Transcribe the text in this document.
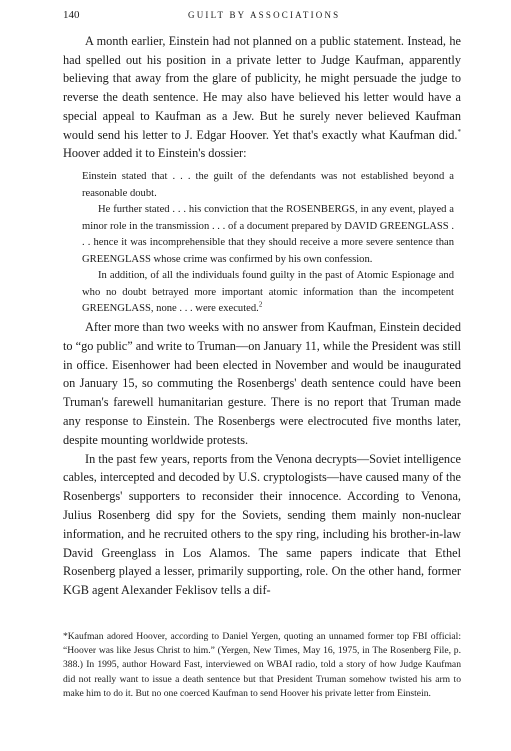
140	GUILT BY ASSOCIATIONS

A month earlier, Einstein had not planned on a public statement. Instead, he had spelled out his position in a private letter to Judge Kaufman, apparently believing that away from the glare of publicity, he might persuade the judge to reverse the death sentence. He may also have believed his letter would have a special appeal to Kaufman as a Jew. But he surely never believed Kaufman would send his letter to J. Edgar Hoover. Yet that's exactly what Kaufman did.* Hoover added it to Einstein's dossier:

Einstein stated that . . . the guilt of the defendants was not established beyond a reasonable doubt.

He further stated . . . his conviction that the ROSENBERGS, in any event, played a minor role in the transmission . . . of a document prepared by DAVID GREENGLASS . . . hence it was incomprehensible that they should receive a more severe sentence than GREENGLASS whose crime was confirmed by his own confession.

In addition, of all the individuals found guilty in the past of Atomic Espionage and who no doubt betrayed more important atomic information than the incompetent GREENGLASS, none . . . were executed.$^2$

After more than two weeks with no answer from Kaufman, Einstein decided to “go public” and write to Truman—on January 11, while the President was still in office. Eisenhower had been elected in November and would be inaugurated on January 15, so commuting the Rosenbergs' death sentence could have been Truman's farewell humanitarian gesture. There is no report that Truman made any response to Einstein. The Rosenbergs were electrocuted five months later, despite mounting worldwide protests.

In the past few years, reports from the Venona decrypts—Soviet intelligence cables, intercepted and decoded by U.S. cryptologists—have caused many of the Rosenbergs' supporters to reconsider their innocence. According to Venona, Julius Rosenberg did spy for the Soviets, sending them mainly non-nuclear information, and he recruited others to the spy ring, including his brother-in-law David Greenglass in Los Alamos. The same papers indicate that Ethel Rosenberg played a lesser, primarily supporting, role. On the other hand, former KGB agent Alexander Feklisov tells a dif-

*Kaufman adored Hoover, according to Daniel Yergen, quoting an unnamed former top FBI official: “Hoover was like Jesus Christ to him.” (Yergen, New Times, May 16, 1975, in The Rosenberg File, p. 388.) In 1995, author Howard Fast, interviewed on WBAI radio, told a story of how Judge Kaufman did not really want to issue a death sentence but that President Truman somehow twisted his arm to make him to do it. But no one coerced Kaufman to send Hoover his private letter from Einstein.
